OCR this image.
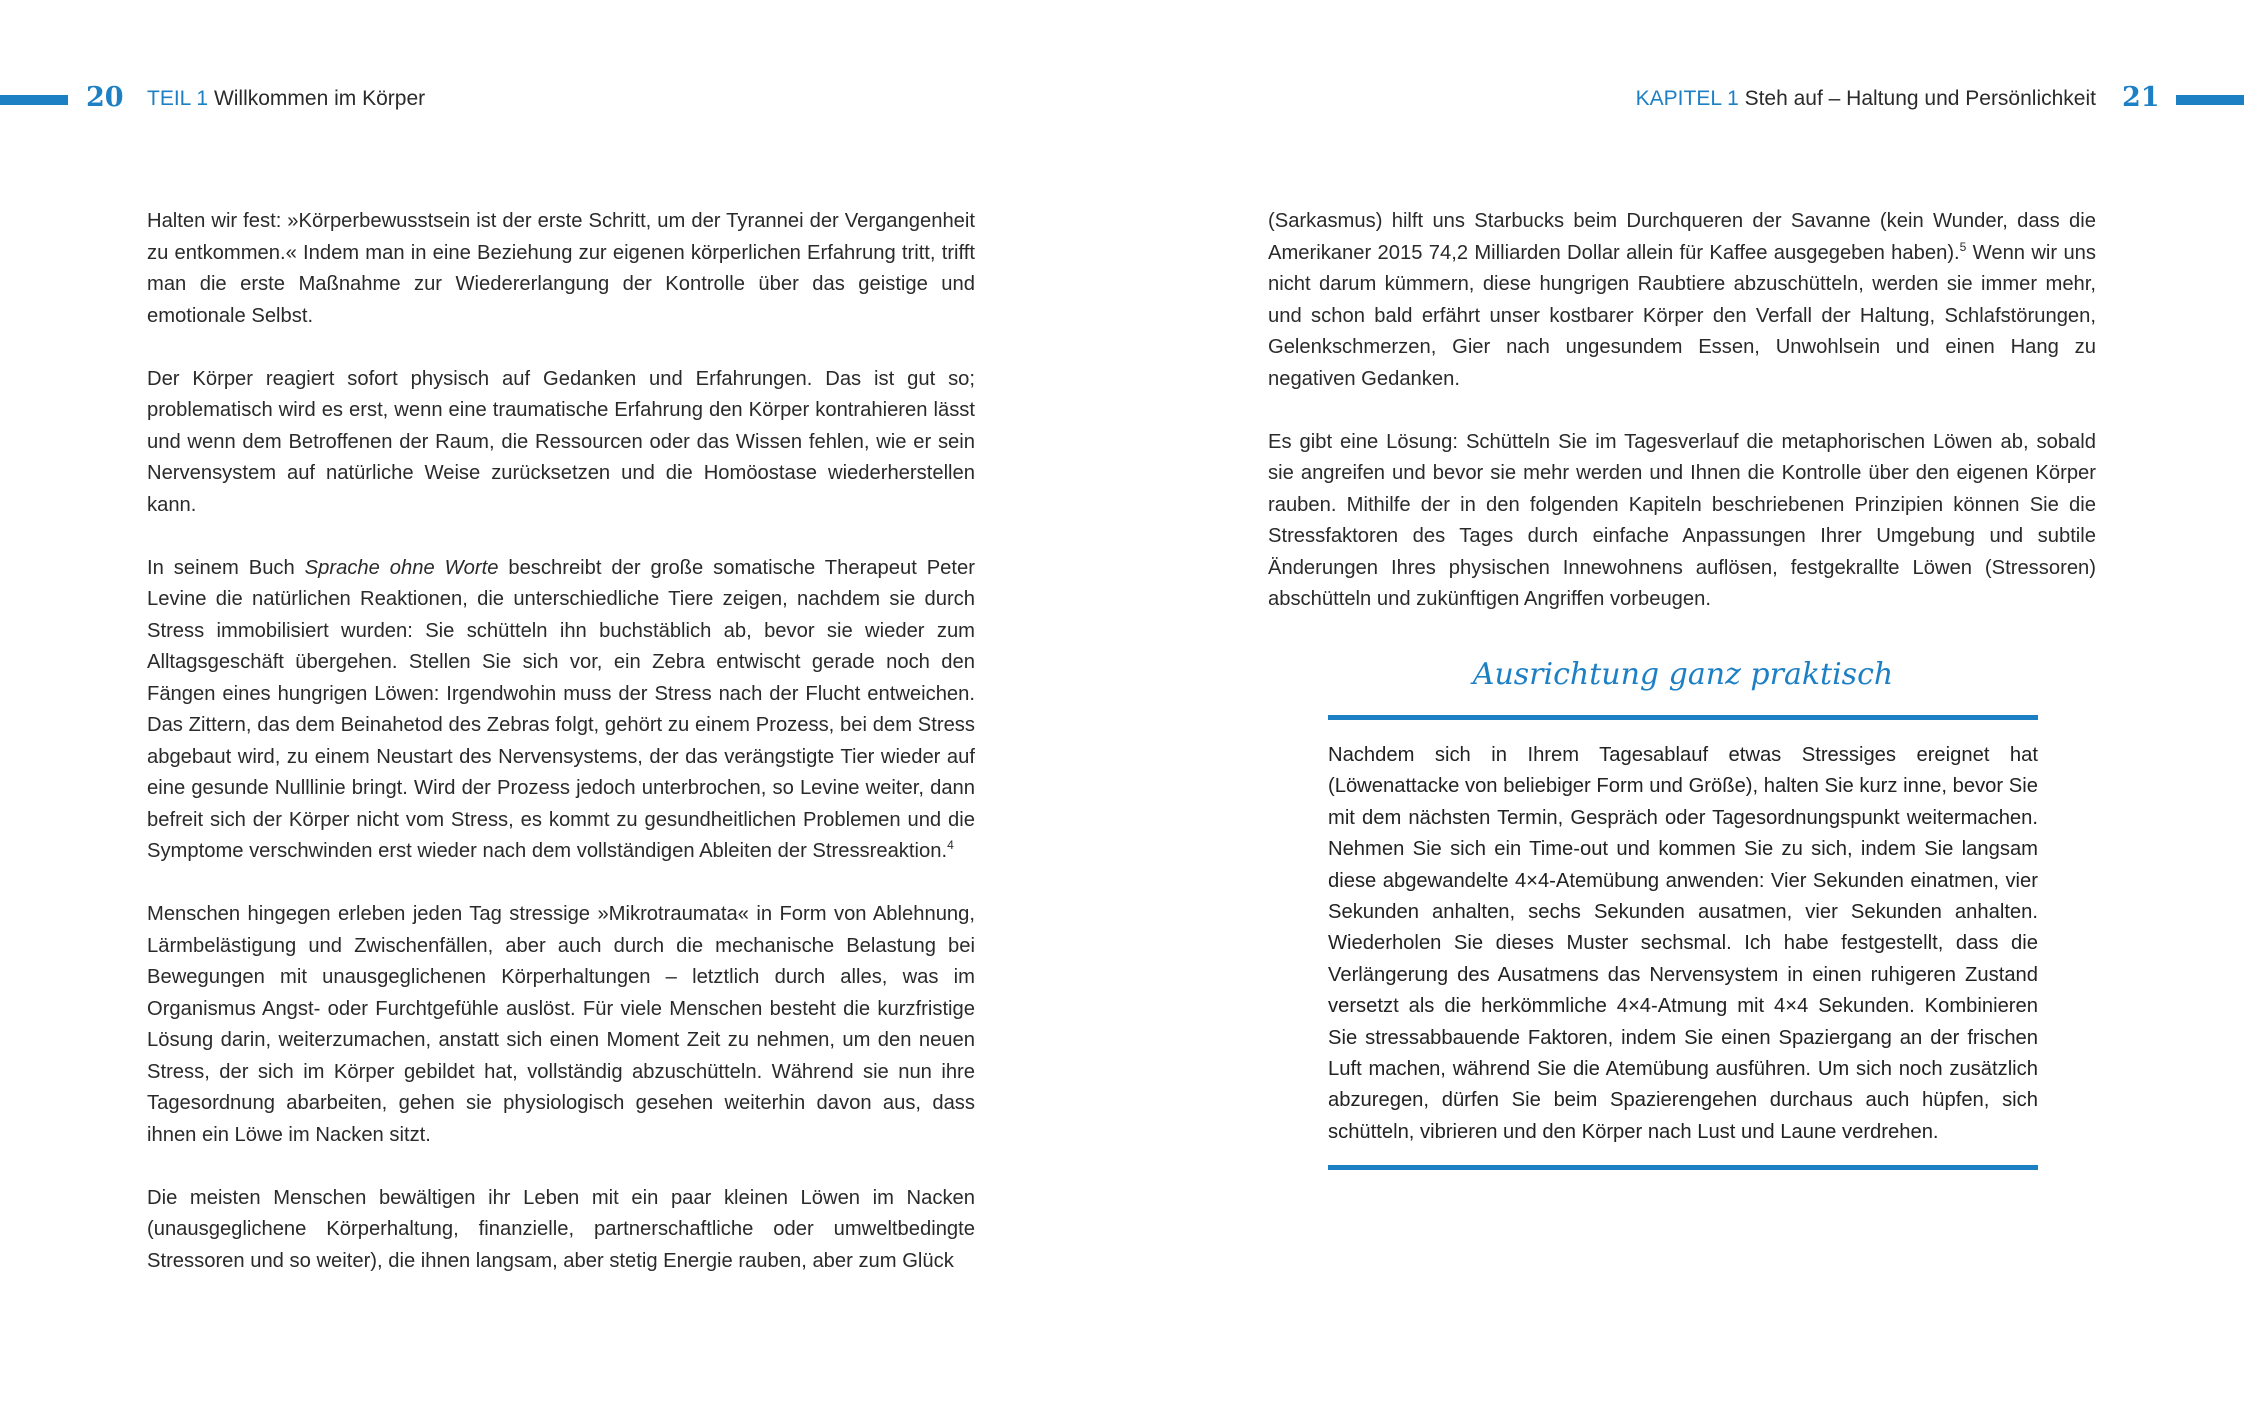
20 TEIL 1 Willkommen im Körper	KAPITEL 1 Steh auf – Haltung und Persönlichkeit 21

Halten wir fest: »Körperbewusstsein ist der erste Schritt, um der Tyrannei der Vergangenheit zu entkommen.« Indem man in eine Beziehung zur eigenen körperlichen Erfahrung tritt, trifft man die erste Maßnahme zur Wiedererlangung der Kontrolle über das geistige und emotionale Selbst.

Der Körper reagiert sofort physisch auf Gedanken und Erfahrungen. Das ist gut so; problematisch wird es erst, wenn eine traumatische Erfahrung den Körper kontrahieren lässt und wenn dem Betroffenen der Raum, die Ressourcen oder das Wissen fehlen, wie er sein Nervensystem auf natürliche Weise zurücksetzen und die Homöostase wiederherstellen kann.

In seinem Buch Sprache ohne Worte beschreibt der große somatische Therapeut Peter Levine die natürlichen Reaktionen, die unterschiedliche Tiere zeigen, nachdem sie durch Stress immobilisiert wurden: Sie schütteln ihn buchstäblich ab, bevor sie wieder zum Alltagsgeschäft übergehen. Stellen Sie sich vor, ein Zebra entwischt gerade noch den Fängen eines hungrigen Löwen: Irgendwohin muss der Stress nach der Flucht entweichen. Das Zittern, das dem Beinahetod des Zebras folgt, gehört zu einem Prozess, bei dem Stress abgebaut wird, zu einem Neustart des Nervensystems, der das verängstigte Tier wieder auf eine gesunde Nulllinie bringt. Wird der Prozess jedoch unterbrochen, so Levine weiter, dann befreit sich der Körper nicht vom Stress, es kommt zu gesundheitlichen Problemen und die Symptome verschwinden erst wieder nach dem vollständigen Ableiten der Stressreaktion.$^4$

Menschen hingegen erleben jeden Tag stressige »Mikrotraumata« in Form von Ablehnung, Lärmbelästigung und Zwischenfällen, aber auch durch die mechanische Belastung bei Bewegungen mit unausgeglichenen Körperhaltungen – letztlich durch alles, was im Organismus Angst- oder Furchtgefühle auslöst. Für viele Menschen besteht die kurzfristige Lösung darin, weiterzumachen, anstatt sich einen Moment Zeit zu nehmen, um den neuen Stress, der sich im Körper gebildet hat, vollständig abzuschütteln. Während sie nun ihre Tagesordnung abarbeiten, gehen sie physiologisch gesehen weiterhin davon aus, dass ihnen ein Löwe im Nacken sitzt.

Die meisten Menschen bewältigen ihr Leben mit ein paar kleinen Löwen im Nacken (unausgeglichene Körperhaltung, finanzielle, partnerschaftliche oder umweltbedingte Stressoren und so weiter), die ihnen langsam, aber stetig Energie rauben, aber zum Glück

(Sarkasmus) hilft uns Starbucks beim Durchqueren der Savanne (kein Wunder, dass die Amerikaner 2015 74,2 Milliarden Dollar allein für Kaffee ausgegeben haben).$^5$ Wenn wir uns nicht darum kümmern, diese hungrigen Raubtiere abzuschütteln, werden sie immer mehr, und schon bald erfährt unser kostbarer Körper den Verfall der Haltung, Schlafstörungen, Gelenkschmerzen, Gier nach ungesundem Essen, Unwohlsein und einen Hang zu negativen Gedanken.

Es gibt eine Lösung: Schütteln Sie im Tagesverlauf die metaphorischen Löwen ab, sobald sie angreifen und bevor sie mehr werden und Ihnen die Kontrolle über den eigenen Körper rauben. Mithilfe der in den folgenden Kapiteln beschriebenen Prinzipien können Sie die Stressfaktoren des Tages durch einfache Anpassungen Ihrer Umgebung und subtile Änderungen Ihres physischen Innewohnens auflösen, festgekrallte Löwen (Stressoren) abschütteln und zukünftigen Angriffen vorbeugen.

Ausrichtung ganz praktisch

Nachdem sich in Ihrem Tagesablauf etwas Stressiges ereignet hat (Löwenattacke von beliebiger Form und Größe), halten Sie kurz inne, bevor Sie mit dem nächsten Termin, Gespräch oder Tagesordnungspunkt weitermachen. Nehmen Sie sich ein Time-out und kommen Sie zu sich, indem Sie langsam diese abgewandelte 4×4-Atemübung anwenden: Vier Sekunden einatmen, vier Sekunden anhalten, sechs Sekunden ausatmen, vier Sekunden anhalten. Wiederholen Sie dieses Muster sechsmal. Ich habe festgestellt, dass die Verlängerung des Ausatmens das Nervensystem in einen ruhigeren Zustand versetzt als die herkömmliche 4×4-Atmung mit 4×4 Sekunden. Kombinieren Sie stressabbauende Faktoren, indem Sie einen Spaziergang an der frischen Luft machen, während Sie die Atemübung ausführen. Um sich noch zusätzlich abzuregen, dürfen Sie beim Spazierengehen durchaus auch hüpfen, sich schütteln, vibrieren und den Körper nach Lust und Laune verdrehen.
